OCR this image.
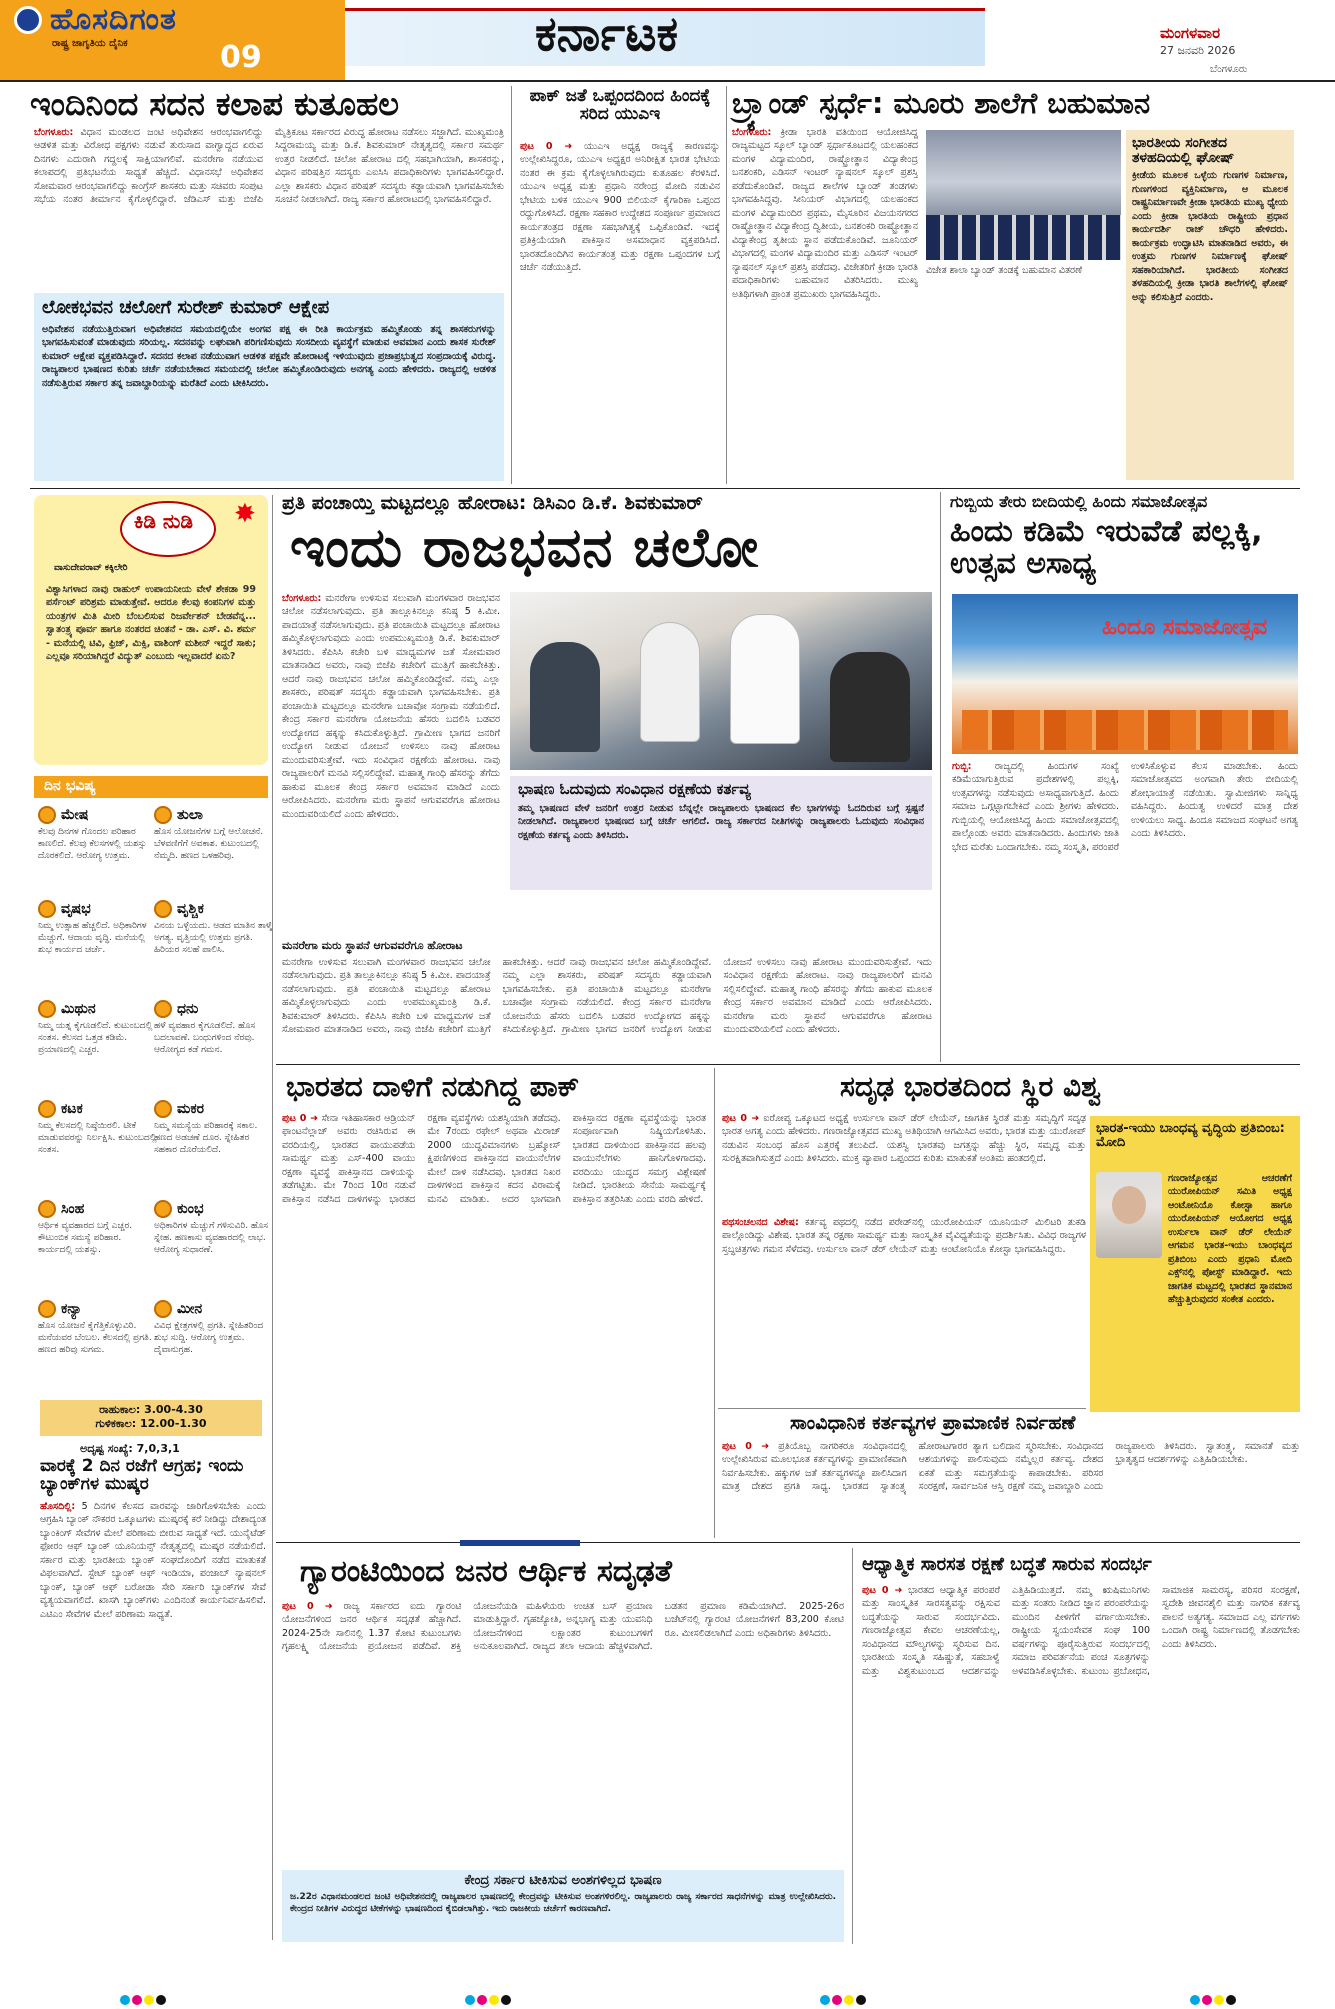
ಹೊಸದಿಗಂತ
ರಾಷ್ಟ್ರ ಜಾಗೃತಿಯ ದೈನಿಕ	09	ಕರ್ನಾಟಕ	ಮಂಗಳವಾರ
27 ಜನವರಿ 2026
ಬೆಂಗಳೂರು
ಇಂದಿನಿಂದ ಸದನ ಕಲಾಪ ಕುತೂಹಲ
ಬೆಂಗಳೂರು: ವಿಧಾನ ಮಂಡಲದ ಜಂಟಿ ಅಧಿವೇಶನ ಆರಂಭವಾಗಲಿದ್ದು ಆಡಳಿತ ಮತ್ತು ವಿರೋಧ ಪಕ್ಷಗಳು ನಡುವೆ ತುರುಸಾದ ವಾಗ್ವಾದ್ದದ ಏರುವ ದಿನಗಳು ಎದುರಾಗಿ ಗದ್ದಲಕ್ಕೆ ಸಾಕ್ಷಿಯಾಗಲಿವೆ. ಮನರೇಗಾ ನಡೆಯುವ ಕಲಾಪದಲ್ಲಿ ಪ್ರತಿಭಟನೆಯ ಸಾಧ್ಯತೆ ಹೆಚ್ಚಿದೆ. ವಿಧಾನಸಭೆ ಅಧಿವೇಶನ ಸೋಮವಾರ ಆರಂಭವಾಗಲಿದ್ದು ಕಾಂಗ್ರೆಸ್ ಶಾಸಕರು ಮತ್ತು ಸಚಿವರು ಸಂಪುಟ ಸಭೆಯ ನಂತರ ತೀರ್ಮಾನ ಕೈಗೊಳ್ಳಲಿದ್ದಾರೆ. ಜೆಡಿಎಸ್ ಮತ್ತು ಬಿಜೆಪಿ ಮೈತ್ರಿಕೂಟ ಸರ್ಕಾರದ ವಿರುದ್ಧ ಹೋರಾಟ ನಡೆಸಲು ಸಜ್ಜಾಗಿದೆ. ಮುಖ್ಯಮಂತ್ರಿ ಸಿದ್ದರಾಮಯ್ಯ ಮತ್ತು ಡಿ.ಕೆ. ಶಿವಕುಮಾರ್ ನೇತೃತ್ವದಲ್ಲಿ ಸರ್ಕಾರ ಸಮರ್ಥ ಉತ್ತರ ನೀಡಲಿದೆ. ಚಲೋ ಹೋರಾಟ ದಲ್ಲಿ ಸಹಭಾಗಿಯಾಗಿ, ಶಾಸಕರನ್ನು, ವಿಧಾನ ಪರಿಷತ್ತಿನ ಸದಸ್ಯರು ಎಐಸಿಸಿ ಪದಾಧಿಕಾರಿಗಳು ಭಾಗವಹಿಸಲಿದ್ದಾರೆ. ಎಲ್ಲಾ ಶಾಸಕರು ವಿಧಾನ ಪರಿಷತ್ ಸದಸ್ಯರು ಕಡ್ಡಾಯವಾಗಿ ಭಾಗವಹಿಸಬೇಕು ಸೂಚನೆ ನೀಡಲಾಗಿದೆ. ರಾಜ್ಯ ಸರ್ಕಾರ ಹೋರಾಟದಲ್ಲಿ ಭಾಗವಹಿಸಲಿದ್ದಾರೆ.
ಲೋಕಭವನ ಚಲೋಗೆ ಸುರೇಶ್ ಕುಮಾರ್ ಆಕ್ಷೇಪ
ಅಧಿವೇಶನ ನಡೆಯುತ್ತಿರುವಾಗ ಅಧಿವೇಶನದ ಸಮಯದಲ್ಲಿಯೇ ಅಂಗವ ಪಕ್ಷ ಈ ರೀತಿ ಕಾರ್ಯಕ್ರಮ ಹಮ್ಮಿಕೊಂಡು ತನ್ನ ಶಾಸಕರುಗಳನ್ನು ಭಾಗವಹಿಸುವಂತೆ ಮಾಡುವುದು ಸರಿಯಲ್ಲ. ಸದನವನ್ನು ಲಘುವಾಗಿ ಪರಿಗಣಿಸುವುದು ಸಂಸದೀಯ ವ್ಯವಸ್ಥೆಗೆ ಮಾಡುವ ಅವಮಾನ ಎಂದು ಶಾಸಕ ಸುರೇಶ್ ಕುಮಾರ್ ಆಕ್ಷೇಪ ವ್ಯಕ್ತಪಡಿಸಿದ್ದಾರೆ. ಸದನದ ಕಲಾಪ ನಡೆಯುವಾಗ ಆಡಳಿತ ಪಕ್ಷವೇ ಹೋರಾಟಕ್ಕೆ ಇಳಿಯುವುದು ಪ್ರಜಾಪ್ರಭುತ್ವದ ಸಂಪ್ರದಾಯಕ್ಕೆ ವಿರುದ್ಧ. ರಾಜ್ಯಪಾಲರ ಭಾಷಣದ ಕುರಿತು ಚರ್ಚೆ ನಡೆಯಬೇಕಾದ ಸಮಯದಲ್ಲಿ ಚಲೋ ಹಮ್ಮಿಕೊಂಡಿರುವುದು ಅನಗತ್ಯ ಎಂದು ಹೇಳಿದರು. ರಾಜ್ಯದಲ್ಲಿ ಆಡಳಿತ ನಡೆಸುತ್ತಿರುವ ಸರ್ಕಾರ ತನ್ನ ಜವಾಬ್ದಾರಿಯನ್ನು ಮರೆತಿದೆ ಎಂದು ಟೀಕಿಸಿದರು.
ಪಾಕ್ ಜತೆ ಒಪ್ಪಂದದಿಂದ ಹಿಂದಕ್ಕೆ ಸರಿದ ಯುಎಇ
ಪುಟ 0 ➜ ಯುಎಇ ಅಧ್ಯಕ್ಷ ರಾಜ್ಯಕ್ಕೆ ಕಾರಣವನ್ನು ಉಲ್ಲೇಖಿಸಿದ್ದರೂ, ಯುಎಇ ಅಧ್ಯಕ್ಷರ ಅನಿರೀಕ್ಷಿತ ಭಾರತ ಭೇಟಿಯ ನಂತರ ಈ ಕ್ರಮ ಕೈಗೊಳ್ಳಲಾಗಿರುವುದು ಕುತೂಹಲ ಕೆರಳಿಸಿದೆ. ಯುಎಇ ಅಧ್ಯಕ್ಷ ಮತ್ತು ಪ್ರಧಾನಿ ನರೇಂದ್ರ ಮೋದಿ ನಡುವಿನ ಭೇಟಿಯ ಬಳಿಕ ಯುಎಇ 900 ಬಿಲಿಯನ್ ಕೈಗಾರಿಕಾ ಒಪ್ಪಂದ ರದ್ದುಗೊಳಿಸಿದೆ. ರಕ್ಷಣಾ ಸಹಕಾರ ಉದ್ದೇಶದ ಸಂಪೂರ್ಣ ಪ್ರಮಾಣದ ಕಾರ್ಯತಂತ್ರದ ರಕ್ಷಣಾ ಸಹಭಾಗಿತ್ವಕ್ಕೆ ಒಪ್ಪಿಕೊಂಡಿವೆ. ಇದಕ್ಕೆ ಪ್ರತಿಕ್ರಿಯೆಯಾಗಿ ಪಾಕಿಸ್ತಾನ ಅಸಮಾಧಾನ ವ್ಯಕ್ತಪಡಿಸಿದೆ. ಭಾರತದೊಂದಿಗಿನ ಕಾರ್ಯತಂತ್ರ ಮತ್ತು ರಕ್ಷಣಾ ಒಪ್ಪಂದಗಳ ಬಗ್ಗೆ ಚರ್ಚೆ ನಡೆಯುತ್ತಿದೆ.
ಬ್ರ್ಯಾಂಡ್ ಸ್ಪರ್ಧೆ: ಮೂರು ಶಾಲೆಗೆ ಬಹುಮಾನ
ಬೆಂಗಳೂರು: ಕ್ರೀಡಾ ಭಾರತಿ ವತಿಯಿಂದ ಆಯೋಜಿಸಿದ್ದ ರಾಜ್ಯಮಟ್ಟದ ಸ್ಕೂಲ್ ಬ್ಯಾಂಡ್ ಸ್ಪರ್ಧಾಕೂಟದಲ್ಲಿ ಯಲಹಂಕದ ಮಂಗಳ ವಿದ್ಯಾಮಂದಿರ, ರಾಷ್ಟ್ರೋತ್ಥಾನ ವಿದ್ಯಾಕೇಂದ್ರ ಬನಶಂಕರಿ, ಎಡಿಸನ್ ಇಂಟರ್ ನ್ಯಾಷನಲ್ ಸ್ಕೂಲ್ ಪ್ರಶಸ್ತಿ ಪಡೆದುಕೊಂಡಿವೆ. ರಾಜ್ಯದ ಶಾಲೆಗಳ ಬ್ಯಾಂಡ್ ತಂಡಗಳು ಭಾಗವಹಿಸಿದ್ದವು. ಸೀನಿಯರ್ ವಿಭಾಗದಲ್ಲಿ ಯಲಹಂಕದ ಮಂಗಳ ವಿದ್ಯಾಮಂದಿರ ಪ್ರಥಮ, ಮೈಸೂರಿನ ವಿಜಯನಗರದ ರಾಷ್ಟ್ರೋತ್ಥಾನ ವಿದ್ಯಾಕೇಂದ್ರ ದ್ವಿತೀಯ, ಬನಶಂಕರಿ ರಾಷ್ಟ್ರೋತ್ಥಾನ ವಿದ್ಯಾಕೇಂದ್ರ ತೃತೀಯ ಸ್ಥಾನ ಪಡೆದುಕೊಂಡಿವೆ. ಜೂನಿಯರ್ ವಿಭಾಗದಲ್ಲಿ ಮಂಗಳ ವಿದ್ಯಾಮಂದಿರ ಮತ್ತು ಎಡಿಸನ್ ಇಂಟರ್ ನ್ಯಾಷನಲ್ ಸ್ಕೂಲ್ ಪ್ರಶಸ್ತಿ ಪಡೆದವು. ವಿಜೇತರಿಗೆ ಕ್ರೀಡಾ ಭಾರತಿ ಪದಾಧಿಕಾರಿಗಳು ಬಹುಮಾನ ವಿತರಿಸಿದರು. ಮುಖ್ಯ ಅತಿಥಿಗಳಾಗಿ ಪ್ರಾಂತ ಪ್ರಮುಖರು ಭಾಗವಹಿಸಿದ್ದರು.
ವಿಜೇತ ಶಾಲಾ ಬ್ಯಾಂಡ್ ತಂಡಕ್ಕೆ ಬಹುಮಾನ ವಿತರಣೆ
ಭಾರತೀಯ ಸಂಗೀತದ ತಳಹದಿಯಲ್ಲಿ ಘೋಷ್
ಕ್ರೀಡೆಯ ಮೂಲಕ ಒಳ್ಳೆಯ ಗುಣಗಳ ನಿರ್ಮಾಣ, ಗುಣಗಳಿಂದ ವ್ಯಕ್ತಿನಿರ್ಮಾಣ, ಆ ಮೂಲಕ ರಾಷ್ಟ್ರನಿರ್ಮಾಣವೇ ಕ್ರೀಡಾ ಭಾರತಿಯ ಮುಖ್ಯ ಧ್ಯೇಯ ಎಂದು ಕ್ರೀಡಾ ಭಾರತಿಯ ರಾಷ್ಟ್ರೀಯ ಪ್ರಧಾನ ಕಾರ್ಯದರ್ಶಿ ರಾಜ್ ಚೌಧರಿ ಹೇಳಿದರು. ಕಾರ್ಯಕ್ರಮ ಉದ್ಘಾಟಿಸಿ ಮಾತನಾಡಿದ ಅವರು, ಈ ಉತ್ತಮ ಗುಣಗಳ ನಿರ್ಮಾಣಕ್ಕೆ ಘೋಷ್ ಸಹಕಾರಿಯಾಗಿದೆ. ಭಾರತೀಯ ಸಂಗೀತದ ತಳಹದಿಯಲ್ಲಿ ಕ್ರೀಡಾ ಭಾರತಿ ಶಾಲೆಗಳಲ್ಲಿ ಘೋಷ್ ಅನ್ನು ಕಲಿಸುತ್ತಿದೆ ಎಂದರು.
ಕಿಡಿ ನುಡಿ ✸
ವಾಸುದೇವರಾವ್ ಕಕ್ಕಿಲೇರಿ
ವಿಶ್ವಾಸಿಗಳಾದ ನಾವು ರಾಹುಲ್ ಉಪಾಯನೀಯ ವೇಳೆ ಶೇಕಡಾ 99 ಪರ್ಸೆಂಟ್ ಪರಿಶ್ರಮ ಮಾಡುತ್ತೇವೆ. ಆದರೂ ಕೆಲವು ಕಂಪನಿಗಳ ಮತ್ತು ಯಂತ್ರಗಳ ಮಿತಿ ಮೀರಿ ಬೆಂಬಲಿಸುವ ರಿಜರ್ವೇಶನ್ ಬೇಡವೆನ್ನ... ಸ್ವಾತಂತ್ರ್ಯ ಪೂರ್ವ ಹಾಗೂ ನಂತರದ ಚಿಂತನೆ - ಡಾ. ಎಸ್. ವಿ. ಶರ್ಮ - ಮನೆಯಲ್ಲಿ ಟಿವಿ, ಫ್ರಿಜ್, ಮಿಕ್ಸಿ, ವಾಶಿಂಗ್ ಮಶೀನ್ ಇದ್ದರೆ ಸಾಕು; ಎಲ್ಲವೂ ಸರಿಯಾಗಿದ್ದರೆ ವಿದ್ಯುತ್ ಎಂಬುದು ಇಲ್ಲವಾದರೆ ಏನು?
ದಿನ ಭವಿಷ್ಯ
ಮೇಷ
ಕೆಲವು ದಿನಗಳ ಗೊಂದಲ ಪರಿಹಾರ ಕಾಣಲಿದೆ. ಕೆಲವು ಕೆಲಸಗಳಲ್ಲಿ ಯಶಸ್ಸು ದೊರಕಲಿದೆ. ಆರೋಗ್ಯ ಉತ್ತಮ.
ತುಲಾ
ಹೊಸ ಯೋಜನೆಗಳ ಬಗ್ಗೆ ಆಲೋಚನೆ. ಬೆಳವಣಿಗೆಗೆ ಅವಕಾಶ. ಕುಟುಂಬದಲ್ಲಿ ನೆಮ್ಮದಿ. ಹಣದ ಒಳಹರಿವು.
ವೃಷಭ
ನಿಮ್ಮ ಉತ್ಸಾಹ ಹೆಚ್ಚಲಿದೆ. ಅಧಿಕಾರಿಗಳ ಮೆಚ್ಚುಗೆ. ಆದಾಯ ವೃದ್ಧಿ. ಮನೆಯಲ್ಲಿ ಶುಭ ಕಾರ್ಯದ ಚರ್ಚೆ.
ವೃಶ್ಚಿಕ
ವಿನಯ ಒಳ್ಳೆಯದು. ಆಡದ ಮಾತಿನ ತಾಳ್ಮೆ ಅಗತ್ಯ. ವೃತ್ತಿಯಲ್ಲಿ ಉತ್ತಮ ಪ್ರಗತಿ. ಹಿರಿಯರ ಸಲಹೆ ಪಾಲಿಸಿ.
ಮಿಥುನ
ನಿಮ್ಮ ಯತ್ನ ಕೈಗೂಡಲಿದೆ. ಕುಟುಂಬದಲ್ಲಿ ಸಂತಸ. ಕೆಲಸದ ಒತ್ತಡ ಕಡಿಮೆ. ಪ್ರಯಾಣದಲ್ಲಿ ಎಚ್ಚರ.
ಧನು
ಹಳೆ ವ್ಯವಹಾರ ಕೈಗೂಡಲಿದೆ. ಹೊಸ ಬದಲಾವಣೆ. ಬಂಧುಗಳಿಂದ ನೆರವು. ಆರೋಗ್ಯದ ಕಡೆ ಗಮನ.
ಕಟಕ
ನಿಮ್ಮ ಕೆಲಸದಲ್ಲಿ ನಿಷ್ಠೆಯಿರಲಿ. ಟೀಕೆ ಮಾಡುವವರನ್ನು ನಿರ್ಲಕ್ಷಿಸಿ. ಕುಟುಂಬದಲ್ಲಿ ಸಂತಸ.
ಮಕರ
ನಿಮ್ಮ ಸಮಸ್ಯೆಯ ಪರಿಹಾರಕ್ಕೆ ಸಕಾಲ. ಹಣದ ಅಡಚಣೆ ದೂರ. ಸ್ನೇಹಿತರ ಸಹಕಾರ ದೊರೆಯಲಿದೆ.
ಸಿಂಹ
ಆರ್ಥಿಕ ವ್ಯವಹಾರದ ಬಗ್ಗೆ ಎಚ್ಚರ. ಕೌಟುಂಬಿಕ ಸಮಸ್ಯೆ ಪರಿಹಾರ. ಕಾರ್ಯದಲ್ಲಿ ಯಶಸ್ಸು.
ಕುಂಭ
ಅಧಿಕಾರಿಗಳ ಮೆಚ್ಚುಗೆ ಗಳಿಸುವಿರಿ. ಹೊಸ ಸ್ನೇಹ. ಹಣಕಾಸು ವ್ಯವಹಾರದಲ್ಲಿ ಲಾಭ. ಆರೋಗ್ಯ ಸುಧಾರಣೆ.
ಕನ್ಯಾ
ಹೊಸ ಯೋಜನೆ ಕೈಗೆತ್ತಿಕೊಳ್ಳುವಿರಿ. ಮನೆಯವರ ಬೆಂಬಲ. ಕೆಲಸದಲ್ಲಿ ಪ್ರಗತಿ. ಹಣದ ಹರಿವು ಸುಗಮ.
ಮೀನ
ವಿವಿಧ ಕ್ಷೇತ್ರಗಳಲ್ಲಿ ಪ್ರಗತಿ. ಸ್ನೇಹಿತರಿಂದ ಶುಭ ಸುದ್ದಿ. ಆರೋಗ್ಯ ಉತ್ತಮ. ದೈವಾನುಗ್ರಹ.
ರಾಹುಕಾಲ: 3.00-4.30
ಗುಳಿಕಕಾಲ: 12.00-1.30
ಅದೃಷ್ಟ ಸಂಖ್ಯೆ: 7,0,3,1
ವಾರಕ್ಕೆ 2 ದಿನ ರಜೆಗೆ ಆಗ್ರಹ; ಇಂದು ಬ್ಯಾಂಕ್‌ಗಳ ಮುಷ್ಕರ
ಹೊಸದಿಲ್ಲಿ: 5 ದಿನಗಳ ಕೆಲಸದ ವಾರವನ್ನು ಜಾರಿಗೊಳಿಸಬೇಕು ಎಂದು ಆಗ್ರಹಿಸಿ ಬ್ಯಾಂಕ್ ನೌಕರರ ಒಕ್ಕೂಟಗಳು ಮುಷ್ಕರಕ್ಕೆ ಕರೆ ನೀಡಿದ್ದು ದೇಶಾದ್ಯಂತ ಬ್ಯಾಂಕಿಂಗ್ ಸೇವೆಗಳ ಮೇಲೆ ಪರಿಣಾಮ ಬೀರುವ ಸಾಧ್ಯತೆ ಇದೆ. ಯುನೈಟೆಡ್ ಫೋರಂ ಆಫ್ ಬ್ಯಾಂಕ್ ಯೂನಿಯನ್ಸ್ ನೇತೃತ್ವದಲ್ಲಿ ಮುಷ್ಕರ ನಡೆಯಲಿದೆ. ಸರ್ಕಾರ ಮತ್ತು ಭಾರತೀಯ ಬ್ಯಾಂಕ್ ಸಂಘದೊಂದಿಗೆ ನಡೆದ ಮಾತುಕತೆ ವಿಫಲವಾಗಿದೆ. ಸ್ಟೇಟ್ ಬ್ಯಾಂಕ್ ಆಫ್ ಇಂಡಿಯಾ, ಪಂಜಾಬ್ ನ್ಯಾಷನಲ್ ಬ್ಯಾಂಕ್, ಬ್ಯಾಂಕ್ ಆಫ್ ಬರೋಡಾ ಸೇರಿ ಸರ್ಕಾರಿ ಬ್ಯಾಂಕ್‌ಗಳ ಸೇವೆ ವ್ಯತ್ಯಯವಾಗಲಿದೆ. ಖಾಸಗಿ ಬ್ಯಾಂಕ್‌ಗಳು ಎಂದಿನಂತೆ ಕಾರ್ಯನಿರ್ವಹಿಸಲಿವೆ. ಎಟಿಎಂ ಸೇವೆಗಳ ಮೇಲೆ ಪರಿಣಾಮ ಸಾಧ್ಯತೆ.
ಪ್ರತಿ ಪಂಚಾಯ್ತಿ ಮಟ್ಟದಲ್ಲೂ ಹೋರಾಟ: ಡಿಸಿಎಂ ಡಿ.ಕೆ. ಶಿವಕುಮಾರ್
ಇಂದು ರಾಜಭವನ ಚಲೋ
ಬೆಂಗಳೂರು: ಮನರೇಗಾ ಉಳಿಸುವ ಸಲುವಾಗಿ ಮಂಗಳವಾರ ರಾಜಭವನ ಚಲೋ ನಡೆಸಲಾಗುವುದು. ಪ್ರತಿ ತಾಲ್ಲೂಕಿನಲ್ಲೂ ಕನಿಷ್ಠ 5 ಕಿ.ಮೀ. ಪಾದಯಾತ್ರೆ ನಡೆಸಲಾಗುವುದು. ಪ್ರತಿ ಪಂಚಾಯಿತಿ ಮಟ್ಟದಲ್ಲೂ ಹೋರಾಟ ಹಮ್ಮಿಕೊಳ್ಳಲಾಗುವುದು ಎಂದು ಉಪಮುಖ್ಯಮಂತ್ರಿ ಡಿ.ಕೆ. ಶಿವಕುಮಾರ್ ತಿಳಿಸಿದರು. ಕೆಪಿಸಿಸಿ ಕಚೇರಿ ಬಳಿ ಮಾಧ್ಯಮಗಳ ಜತೆ ಸೋಮವಾರ ಮಾತನಾಡಿದ ಅವರು, ನಾವು ಬಿಜೆಪಿ ಕಚೇರಿಗೆ ಮುತ್ತಿಗೆ ಹಾಕಬೇಕಿತ್ತು. ಆದರೆ ನಾವು ರಾಜಭವನ ಚಲೋ ಹಮ್ಮಿಕೊಂಡಿದ್ದೇವೆ. ನಮ್ಮ ಎಲ್ಲಾ ಶಾಸಕರು, ಪರಿಷತ್ ಸದಸ್ಯರು ಕಡ್ಡಾಯವಾಗಿ ಭಾಗವಹಿಸಬೇಕು. ಪ್ರತಿ ಪಂಚಾಯಿತಿ ಮಟ್ಟದಲ್ಲೂ ಮನರೇಗಾ ಬಚಾವೋ ಸಂಗ್ರಾಮ ನಡೆಯಲಿದೆ. ಕೇಂದ್ರ ಸರ್ಕಾರ ಮನರೇಗಾ ಯೋಜನೆಯ ಹೆಸರು ಬದಲಿಸಿ ಬಡವರ ಉದ್ಯೋಗದ ಹಕ್ಕನ್ನು ಕಸಿದುಕೊಳ್ಳುತ್ತಿದೆ. ಗ್ರಾಮೀಣ ಭಾಗದ ಜನರಿಗೆ ಉದ್ಯೋಗ ನೀಡುವ ಯೋಜನೆ ಉಳಿಸಲು ನಾವು ಹೋರಾಟ ಮುಂದುವರಿಸುತ್ತೇವೆ. ಇದು ಸಂವಿಧಾನ ರಕ್ಷಣೆಯ ಹೋರಾಟ. ನಾವು ರಾಜ್ಯಪಾಲರಿಗೆ ಮನವಿ ಸಲ್ಲಿಸಲಿದ್ದೇವೆ. ಮಹಾತ್ಮ ಗಾಂಧಿ ಹೆಸರನ್ನು ತೆಗೆದು ಹಾಕುವ ಮೂಲಕ ಕೇಂದ್ರ ಸರ್ಕಾರ ಅವಮಾನ ಮಾಡಿದೆ ಎಂದು ಆರೋಪಿಸಿದರು. ಮನರೇಗಾ ಮರು ಸ್ಥಾಪನೆ ಆಗುವವರೆಗೂ ಹೋರಾಟ ಮುಂದುವರಿಯಲಿದೆ ಎಂದು ಹೇಳಿದರು.
ಭಾಷಣ ಓದುವುದು ಸಂವಿಧಾನ ರಕ್ಷಣೆಯ ಕರ್ತವ್ಯ
ತಮ್ಮ ಭಾಷಣದ ವೇಳೆ ಜನರಿಗೆ ಉತ್ತರ ನೀಡುವ ಬೆನ್ನಲ್ಲೇ ರಾಜ್ಯಪಾಲರು ಭಾಷಣದ ಕೆಲ ಭಾಗಗಳನ್ನು ಓದದಿರುವ ಬಗ್ಗೆ ಸ್ಪಷ್ಟನೆ ನೀಡಲಾಗಿದೆ. ರಾಜ್ಯಪಾಲರ ಭಾಷಣದ ಬಗ್ಗೆ ಚರ್ಚೆ ಆಗಲಿದೆ. ರಾಜ್ಯ ಸರ್ಕಾರದ ನೀತಿಗಳನ್ನು ರಾಜ್ಯಪಾಲರು ಓದುವುದು ಸಂವಿಧಾನ ರಕ್ಷಣೆಯ ಕರ್ತವ್ಯ ಎಂದು ತಿಳಿಸಿದರು.
ಮನರೇಗಾ ಮರು ಸ್ಥಾಪನೆ ಆಗುವವರೆಗೂ ಹೋರಾಟ
ಮನರೇಗಾ ಉಳಿಸುವ ಸಲುವಾಗಿ ಮಂಗಳವಾರ ರಾಜಭವನ ಚಲೋ ನಡೆಸಲಾಗುವುದು. ಪ್ರತಿ ತಾಲ್ಲೂಕಿನಲ್ಲೂ ಕನಿಷ್ಠ 5 ಕಿ.ಮೀ. ಪಾದಯಾತ್ರೆ ನಡೆಸಲಾಗುವುದು. ಪ್ರತಿ ಪಂಚಾಯಿತಿ ಮಟ್ಟದಲ್ಲೂ ಹೋರಾಟ ಹಮ್ಮಿಕೊಳ್ಳಲಾಗುವುದು ಎಂದು ಉಪಮುಖ್ಯಮಂತ್ರಿ ಡಿ.ಕೆ. ಶಿವಕುಮಾರ್ ತಿಳಿಸಿದರು. ಕೆಪಿಸಿಸಿ ಕಚೇರಿ ಬಳಿ ಮಾಧ್ಯಮಗಳ ಜತೆ ಸೋಮವಾರ ಮಾತನಾಡಿದ ಅವರು, ನಾವು ಬಿಜೆಪಿ ಕಚೇರಿಗೆ ಮುತ್ತಿಗೆ ಹಾಕಬೇಕಿತ್ತು. ಆದರೆ ನಾವು ರಾಜಭವನ ಚಲೋ ಹಮ್ಮಿಕೊಂಡಿದ್ದೇವೆ. ನಮ್ಮ ಎಲ್ಲಾ ಶಾಸಕರು, ಪರಿಷತ್ ಸದಸ್ಯರು ಕಡ್ಡಾಯವಾಗಿ ಭಾಗವಹಿಸಬೇಕು. ಪ್ರತಿ ಪಂಚಾಯಿತಿ ಮಟ್ಟದಲ್ಲೂ ಮನರೇಗಾ ಬಚಾವೋ ಸಂಗ್ರಾಮ ನಡೆಯಲಿದೆ. ಕೇಂದ್ರ ಸರ್ಕಾರ ಮನರೇಗಾ ಯೋಜನೆಯ ಹೆಸರು ಬದಲಿಸಿ ಬಡವರ ಉದ್ಯೋಗದ ಹಕ್ಕನ್ನು ಕಸಿದುಕೊಳ್ಳುತ್ತಿದೆ. ಗ್ರಾಮೀಣ ಭಾಗದ ಜನರಿಗೆ ಉದ್ಯೋಗ ನೀಡುವ ಯೋಜನೆ ಉಳಿಸಲು ನಾವು ಹೋರಾಟ ಮುಂದುವರಿಸುತ್ತೇವೆ. ಇದು ಸಂವಿಧಾನ ರಕ್ಷಣೆಯ ಹೋರಾಟ. ನಾವು ರಾಜ್ಯಪಾಲರಿಗೆ ಮನವಿ ಸಲ್ಲಿಸಲಿದ್ದೇವೆ. ಮಹಾತ್ಮ ಗಾಂಧಿ ಹೆಸರನ್ನು ತೆಗೆದು ಹಾಕುವ ಮೂಲಕ ಕೇಂದ್ರ ಸರ್ಕಾರ ಅವಮಾನ ಮಾಡಿದೆ ಎಂದು ಆರೋಪಿಸಿದರು. ಮನರೇಗಾ ಮರು ಸ್ಥಾಪನೆ ಆಗುವವರೆಗೂ ಹೋರಾಟ ಮುಂದುವರಿಯಲಿದೆ ಎಂದು ಹೇಳಿದರು.
ಗುಬ್ಬಿಯ ತೇರು ಬೀದಿಯಲ್ಲಿ ಹಿಂದು ಸಮಾಜೋತ್ಸವ
ಹಿಂದು ಕಡಿಮೆ ಇರುವೆಡೆ ಪಲ್ಲಕ್ಕಿ, ಉತ್ಸವ ಅಸಾಧ್ಯ
ಹಿಂದೂ ಸಮಾಜೋತ್ಸವ
ಗುಬ್ಬಿ: ರಾಜ್ಯದಲ್ಲಿ ಹಿಂದುಗಳ ಸಂಖ್ಯೆ ಕಡಿಮೆಯಾಗುತ್ತಿರುವ ಪ್ರದೇಶಗಳಲ್ಲಿ ಪಲ್ಲಕ್ಕಿ, ಉತ್ಸವಗಳನ್ನು ನಡೆಸುವುದು ಅಸಾಧ್ಯವಾಗುತ್ತಿದೆ. ಹಿಂದು ಸಮಾಜ ಒಗ್ಗಟ್ಟಾಗಬೇಕಿದೆ ಎಂದು ಶ್ರೀಗಳು ಹೇಳಿದರು. ಗುಬ್ಬಿಯಲ್ಲಿ ಆಯೋಜಿಸಿದ್ದ ಹಿಂದು ಸಮಾಜೋತ್ಸವದಲ್ಲಿ ಪಾಲ್ಗೊಂಡು ಅವರು ಮಾತನಾಡಿದರು. ಹಿಂದುಗಳು ಜಾತಿ ಭೇದ ಮರೆತು ಒಂದಾಗಬೇಕು. ನಮ್ಮ ಸಂಸ್ಕೃತಿ, ಪರಂಪರೆ ಉಳಿಸಿಕೊಳ್ಳುವ ಕೆಲಸ ಮಾಡಬೇಕು. ಹಿಂದು ಸಮಾಜೋತ್ಸವದ ಅಂಗವಾಗಿ ತೇರು ಬೀದಿಯಲ್ಲಿ ಶೋಭಾಯಾತ್ರೆ ನಡೆಯಿತು. ಸ್ವಾಮೀಜಿಗಳು ಸಾನ್ನಿಧ್ಯ ವಹಿಸಿದ್ದರು. ಹಿಂದುತ್ವ ಉಳಿದರೆ ಮಾತ್ರ ದೇಶ ಉಳಿಯಲು ಸಾಧ್ಯ. ಹಿಂದೂ ಸಮಾಜದ ಸಂಘಟನೆ ಅಗತ್ಯ ಎಂದು ತಿಳಿಸಿದರು.
ಭಾರತದ ದಾಳಿಗೆ ನಡುಗಿದ್ದ ಪಾಕ್
ಪುಟ 0 ➜ ಸೇನಾ ಇತಿಹಾಸಕಾರ ಆಡ್ರಿಯನ್ ಫಾಂಟನೆಲ್ಲಾಜ್ ಅವರು ರಚಿಸಿರುವ ಈ ವರದಿಯಲ್ಲಿ, ಭಾರತದ ವಾಯುಪಡೆಯ ಸಾಮರ್ಥ್ಯ ಮತ್ತು ಎಸ್-400 ವಾಯು ರಕ್ಷಣಾ ವ್ಯವಸ್ಥೆ ಪಾಕಿಸ್ತಾನದ ದಾಳಿಯನ್ನು ತಡೆಗಟ್ಟಿತು. ಮೇ 7ರಿಂದ 10ರ ನಡುವೆ ಪಾಕಿಸ್ತಾನ ನಡೆಸಿದ ದಾಳಿಗಳನ್ನು ಭಾರತದ ರಕ್ಷಣಾ ವ್ಯವಸ್ಥೆಗಳು ಯಶಸ್ವಿಯಾಗಿ ತಡೆದವು. ಮೇ 7ರಂದು ರಫೇಲ್ ಅಥವಾ ಮಿರಾಜ್ 2000 ಯುದ್ಧವಿಮಾನಗಳು ಬ್ರಹ್ಮೋಸ್ ಕ್ಷಿಪಣಿಗಳಿಂದ ಪಾಕಿಸ್ತಾನದ ವಾಯುನೆಲೆಗಳ ಮೇಲೆ ದಾಳಿ ನಡೆಸಿದವು. ಭಾರತದ ನಿಖರ ದಾಳಿಗಳಿಂದ ಪಾಕಿಸ್ತಾನ ಕದನ ವಿರಾಮಕ್ಕೆ ಮನವಿ ಮಾಡಿತು. ಅದರ ಭಾಗವಾಗಿ ಪಾಕಿಸ್ತಾನದ ರಕ್ಷಣಾ ವ್ಯವಸ್ಥೆಯನ್ನು ಭಾರತ ಸಂಪೂರ್ಣವಾಗಿ ನಿಷ್ಕ್ರಿಯಗೊಳಿಸಿತು. ಭಾರತದ ದಾಳಿಯಿಂದ ಪಾಕಿಸ್ತಾನದ ಹಲವು ವಾಯುನೆಲೆಗಳು ಹಾನಿಗೊಳಗಾದವು. ವರದಿಯು ಯುದ್ಧದ ಸಮಗ್ರ ವಿಶ್ಲೇಷಣೆ ನೀಡಿದೆ. ಭಾರತೀಯ ಸೇನೆಯ ಸಾಮರ್ಥ್ಯಕ್ಕೆ ಪಾಕಿಸ್ತಾನ ತತ್ತರಿಸಿತು ಎಂದು ವರದಿ ಹೇಳಿದೆ.
ಸದೃಢ ಭಾರತದಿಂದ ಸ್ಥಿರ ವಿಶ್ವ
ಪುಟ 0 ➜ ಐರೋಪ್ಯ ಒಕ್ಕೂಟದ ಅಧ್ಯಕ್ಷೆ ಉರ್ಸುಲಾ ವಾನ್ ಡೆರ್ ಲೇಯೆನ್, ಜಾಗತಿಕ ಸ್ಥಿರತೆ ಮತ್ತು ಸಮೃದ್ಧಿಗೆ ಸದೃಢ ಭಾರತ ಅಗತ್ಯ ಎಂದು ಹೇಳಿದರು. ಗಣರಾಜ್ಯೋತ್ಸವದ ಮುಖ್ಯ ಅತಿಥಿಯಾಗಿ ಆಗಮಿಸಿದ ಅವರು, ಭಾರತ ಮತ್ತು ಯುರೋಪ್ ನಡುವಿನ ಸಂಬಂಧ ಹೊಸ ಎತ್ತರಕ್ಕೆ ತಲುಪಿದೆ. ಯಶಸ್ವಿ ಭಾರತವು ಜಗತ್ತನ್ನು ಹೆಚ್ಚು ಸ್ಥಿರ, ಸಮೃದ್ಧ ಮತ್ತು ಸುರಕ್ಷಿತವಾಗಿಸುತ್ತದೆ ಎಂದು ತಿಳಿಸಿದರು. ಮುಕ್ತ ವ್ಯಾಪಾರ ಒಪ್ಪಂದದ ಕುರಿತು ಮಾತುಕತೆ ಅಂತಿಮ ಹಂತದಲ್ಲಿದೆ.
ಪಥಸಂಚಲನದ ವಿಶೇಷ: ಕರ್ತವ್ಯ ಪಥದಲ್ಲಿ ನಡೆದ ಪರೇಡ್‌ನಲ್ಲಿ ಯುರೋಪಿಯನ್ ಯೂನಿಯನ್ ಮಿಲಿಟರಿ ತುಕಡಿ ಪಾಲ್ಗೊಂಡಿದ್ದು ವಿಶೇಷ. ಭಾರತ ತನ್ನ ರಕ್ಷಣಾ ಸಾಮರ್ಥ್ಯ ಮತ್ತು ಸಾಂಸ್ಕೃತಿಕ ವೈವಿಧ್ಯತೆಯನ್ನು ಪ್ರದರ್ಶಿಸಿತು. ವಿವಿಧ ರಾಜ್ಯಗಳ ಸ್ತಬ್ಧಚಿತ್ರಗಳು ಗಮನ ಸೆಳೆದವು. ಉರ್ಸುಲಾ ವಾನ್ ಡೆರ್ ಲೇಯೆನ್ ಮತ್ತು ಆಂಟೋನಿಯೊ ಕೋಸ್ಟಾ ಭಾಗವಹಿಸಿದ್ದರು.
ಭಾರತ-ಇಯು ಬಾಂಧವ್ಯ ವೃದ್ಧಿಯ ಪ್ರತಿಬಿಂಬ: ಮೋದಿ
ಗಣರಾಜ್ಯೋತ್ಸವ ಆಚರಣೆಗೆ ಯುರೋಪಿಯನ್ ಸಮಿತಿ ಅಧ್ಯಕ್ಷ ಆಂಟೋನಿಯೊ ಕೋಸ್ಟಾ ಹಾಗೂ ಯುರೋಪಿಯನ್ ಆಯೋಗದ ಅಧ್ಯಕ್ಷ ಉರ್ಸುಲಾ ವಾನ್ ಡೆರ್ ಲೇಯೆನ್ ಆಗಮನ ಭಾರತ-ಇಯು ಬಾಂಧವ್ಯದ ಪ್ರತಿಬಿಂಬ ಎಂದು ಪ್ರಧಾನಿ ಮೋದಿ ಎಕ್ಸ್‌ನಲ್ಲಿ ಪೋಸ್ಟ್ ಮಾಡಿದ್ದಾರೆ. ಇದು ಜಾಗತಿಕ ಮಟ್ಟದಲ್ಲಿ ಭಾರತದ ಸ್ಥಾನಮಾನ ಹೆಚ್ಚುತ್ತಿರುವುದರ ಸಂಕೇತ ಎಂದರು.
ಸಾಂವಿಧಾನಿಕ ಕರ್ತವ್ಯಗಳ ಪ್ರಾಮಾಣಿಕ ನಿರ್ವಹಣೆ
ಪುಟ 0 ➜ ಪ್ರತಿಯೊಬ್ಬ ನಾಗರಿಕರೂ ಸಂವಿಧಾನದಲ್ಲಿ ಉಲ್ಲೇಖಿಸಿರುವ ಮೂಲಭೂತ ಕರ್ತವ್ಯಗಳನ್ನು ಪ್ರಾಮಾಣಿಕವಾಗಿ ನಿರ್ವಹಿಸಬೇಕು. ಹಕ್ಕುಗಳ ಜತೆ ಕರ್ತವ್ಯಗಳನ್ನೂ ಪಾಲಿಸಿದಾಗ ಮಾತ್ರ ದೇಶದ ಪ್ರಗತಿ ಸಾಧ್ಯ. ಭಾರತದ ಸ್ವಾತಂತ್ರ್ಯ ಹೋರಾಟಗಾರರ ತ್ಯಾಗ ಬಲಿದಾನ ಸ್ಮರಿಸಬೇಕು. ಸಂವಿಧಾನದ ಆಶಯಗಳನ್ನು ಪಾಲಿಸುವುದು ನಮ್ಮೆಲ್ಲರ ಕರ್ತವ್ಯ. ದೇಶದ ಏಕತೆ ಮತ್ತು ಸಮಗ್ರತೆಯನ್ನು ಕಾಪಾಡಬೇಕು. ಪರಿಸರ ಸಂರಕ್ಷಣೆ, ಸಾರ್ವಜನಿಕ ಆಸ್ತಿ ರಕ್ಷಣೆ ನಮ್ಮ ಜವಾಬ್ದಾರಿ ಎಂದು ರಾಜ್ಯಪಾಲರು ತಿಳಿಸಿದರು. ಸ್ವಾತಂತ್ರ್ಯ, ಸಮಾನತೆ ಮತ್ತು ಭ್ರಾತೃತ್ವದ ಆದರ್ಶಗಳನ್ನು ಎತ್ತಿಹಿಡಿಯಬೇಕು.
ಗ್ಯಾರಂಟಿಯಿಂದ ಜನರ ಆರ್ಥಿಕ ಸದೃಢತೆ
ಪುಟ 0 ➜ ರಾಜ್ಯ ಸರ್ಕಾರದ ಐದು ಗ್ಯಾರಂಟಿ ಯೋಜನೆಗಳಿಂದ ಜನರ ಆರ್ಥಿಕ ಸದೃಢತೆ ಹೆಚ್ಚಾಗಿದೆ. 2024-25ನೇ ಸಾಲಿನಲ್ಲಿ 1.37 ಕೋಟಿ ಕುಟುಂಬಗಳು ಗೃಹಲಕ್ಷ್ಮಿ ಯೋಜನೆಯ ಪ್ರಯೋಜನ ಪಡೆದಿವೆ. ಶಕ್ತಿ ಯೋಜನೆಯಡಿ ಮಹಿಳೆಯರು ಉಚಿತ ಬಸ್ ಪ್ರಯಾಣ ಮಾಡುತ್ತಿದ್ದಾರೆ. ಗೃಹಜ್ಯೋತಿ, ಅನ್ನಭಾಗ್ಯ ಮತ್ತು ಯುವನಿಧಿ ಯೋಜನೆಗಳಿಂದ ಲಕ್ಷಾಂತರ ಕುಟುಂಬಗಳಿಗೆ ಅನುಕೂಲವಾಗಿದೆ. ರಾಜ್ಯದ ತಲಾ ಆದಾಯ ಹೆಚ್ಚಳವಾಗಿದೆ. ಬಡತನ ಪ್ರಮಾಣ ಕಡಿಮೆಯಾಗಿದೆ. 2025-26ರ ಬಜೆಟ್‌ನಲ್ಲಿ ಗ್ಯಾರಂಟಿ ಯೋಜನೆಗಳಿಗೆ 83,200 ಕೋಟಿ ರೂ. ಮೀಸಲಿಡಲಾಗಿದೆ ಎಂದು ಅಧಿಕಾರಿಗಳು ತಿಳಿಸಿದರು.
ಕೇಂದ್ರ ಸರ್ಕಾರ ಟೀಕಿಸುವ ಅಂಶಗಳಿಲ್ಲದ ಭಾಷಣ
ಜ.22ರ ವಿಧಾನಮಂಡಲದ ಜಂಟಿ ಅಧಿವೇಶನದಲ್ಲಿ ರಾಜ್ಯಪಾಲರ ಭಾಷಣದಲ್ಲಿ ಕೇಂದ್ರವನ್ನು ಟೀಕಿಸುವ ಅಂಶಗಳಿರಲಿಲ್ಲ. ರಾಜ್ಯಪಾಲರು ರಾಜ್ಯ ಸರ್ಕಾರದ ಸಾಧನೆಗಳನ್ನು ಮಾತ್ರ ಉಲ್ಲೇಖಿಸಿದರು. ಕೇಂದ್ರದ ನೀತಿಗಳ ವಿರುದ್ಧದ ಟೀಕೆಗಳನ್ನು ಭಾಷಣದಿಂದ ಕೈಬಿಡಲಾಗಿತ್ತು. ಇದು ರಾಜಕೀಯ ಚರ್ಚೆಗೆ ಕಾರಣವಾಗಿದೆ.
ಆಧ್ಯಾತ್ಮಿಕ ಸಾರಸತ ರಕ್ಷಣೆ ಬದ್ಧತೆ ಸಾರುವ ಸಂದರ್ಭ
ಪುಟ 0 ➜ ಭಾರತದ ಆಧ್ಯಾತ್ಮಿಕ ಪರಂಪರೆ ಮತ್ತು ಸಾಂಸ್ಕೃತಿಕ ಸಾರಸತ್ವವನ್ನು ರಕ್ಷಿಸುವ ಬದ್ಧತೆಯನ್ನು ಸಾರುವ ಸಂದರ್ಭವಿದು. ಗಣರಾಜ್ಯೋತ್ಸವ ಕೇವಲ ಆಚರಣೆಯಲ್ಲ, ಸಂವಿಧಾನದ ಮೌಲ್ಯಗಳನ್ನು ಸ್ಮರಿಸುವ ದಿನ. ಭಾರತೀಯ ಸಂಸ್ಕೃತಿ ಸಹಿಷ್ಣುತೆ, ಸಹಬಾಳ್ವೆ ಮತ್ತು ವಿಶ್ವಕುಟುಂಬದ ಆದರ್ಶವನ್ನು ಎತ್ತಿಹಿಡಿಯುತ್ತದೆ. ನಮ್ಮ ಋಷಿಮುನಿಗಳು ಮತ್ತು ಸಂತರು ನೀಡಿದ ಜ್ಞಾನ ಪರಂಪರೆಯನ್ನು ಮುಂದಿನ ಪೀಳಿಗೆಗೆ ವರ್ಗಾಯಿಸಬೇಕು. ರಾಷ್ಟ್ರೀಯ ಸ್ವಯಂಸೇವಕ ಸಂಘ 100 ವರ್ಷಗಳನ್ನು ಪೂರೈಸುತ್ತಿರುವ ಸಂದರ್ಭದಲ್ಲಿ ಸಮಾಜ ಪರಿವರ್ತನೆಯ ಪಂಚ ಸೂತ್ರಗಳನ್ನು ಅಳವಡಿಸಿಕೊಳ್ಳಬೇಕು. ಕುಟುಂಬ ಪ್ರಬೋಧನ, ಸಾಮಾಜಿಕ ಸಾಮರಸ್ಯ, ಪರಿಸರ ಸಂರಕ್ಷಣೆ, ಸ್ವದೇಶಿ ಜೀವನಶೈಲಿ ಮತ್ತು ನಾಗರಿಕ ಕರ್ತವ್ಯ ಪಾಲನೆ ಅತ್ಯಗತ್ಯ. ಸಮಾಜದ ಎಲ್ಲ ವರ್ಗಗಳು ಒಂದಾಗಿ ರಾಷ್ಟ್ರ ನಿರ್ಮಾಣದಲ್ಲಿ ತೊಡಗಬೇಕು ಎಂದು ತಿಳಿಸಿದರು.
